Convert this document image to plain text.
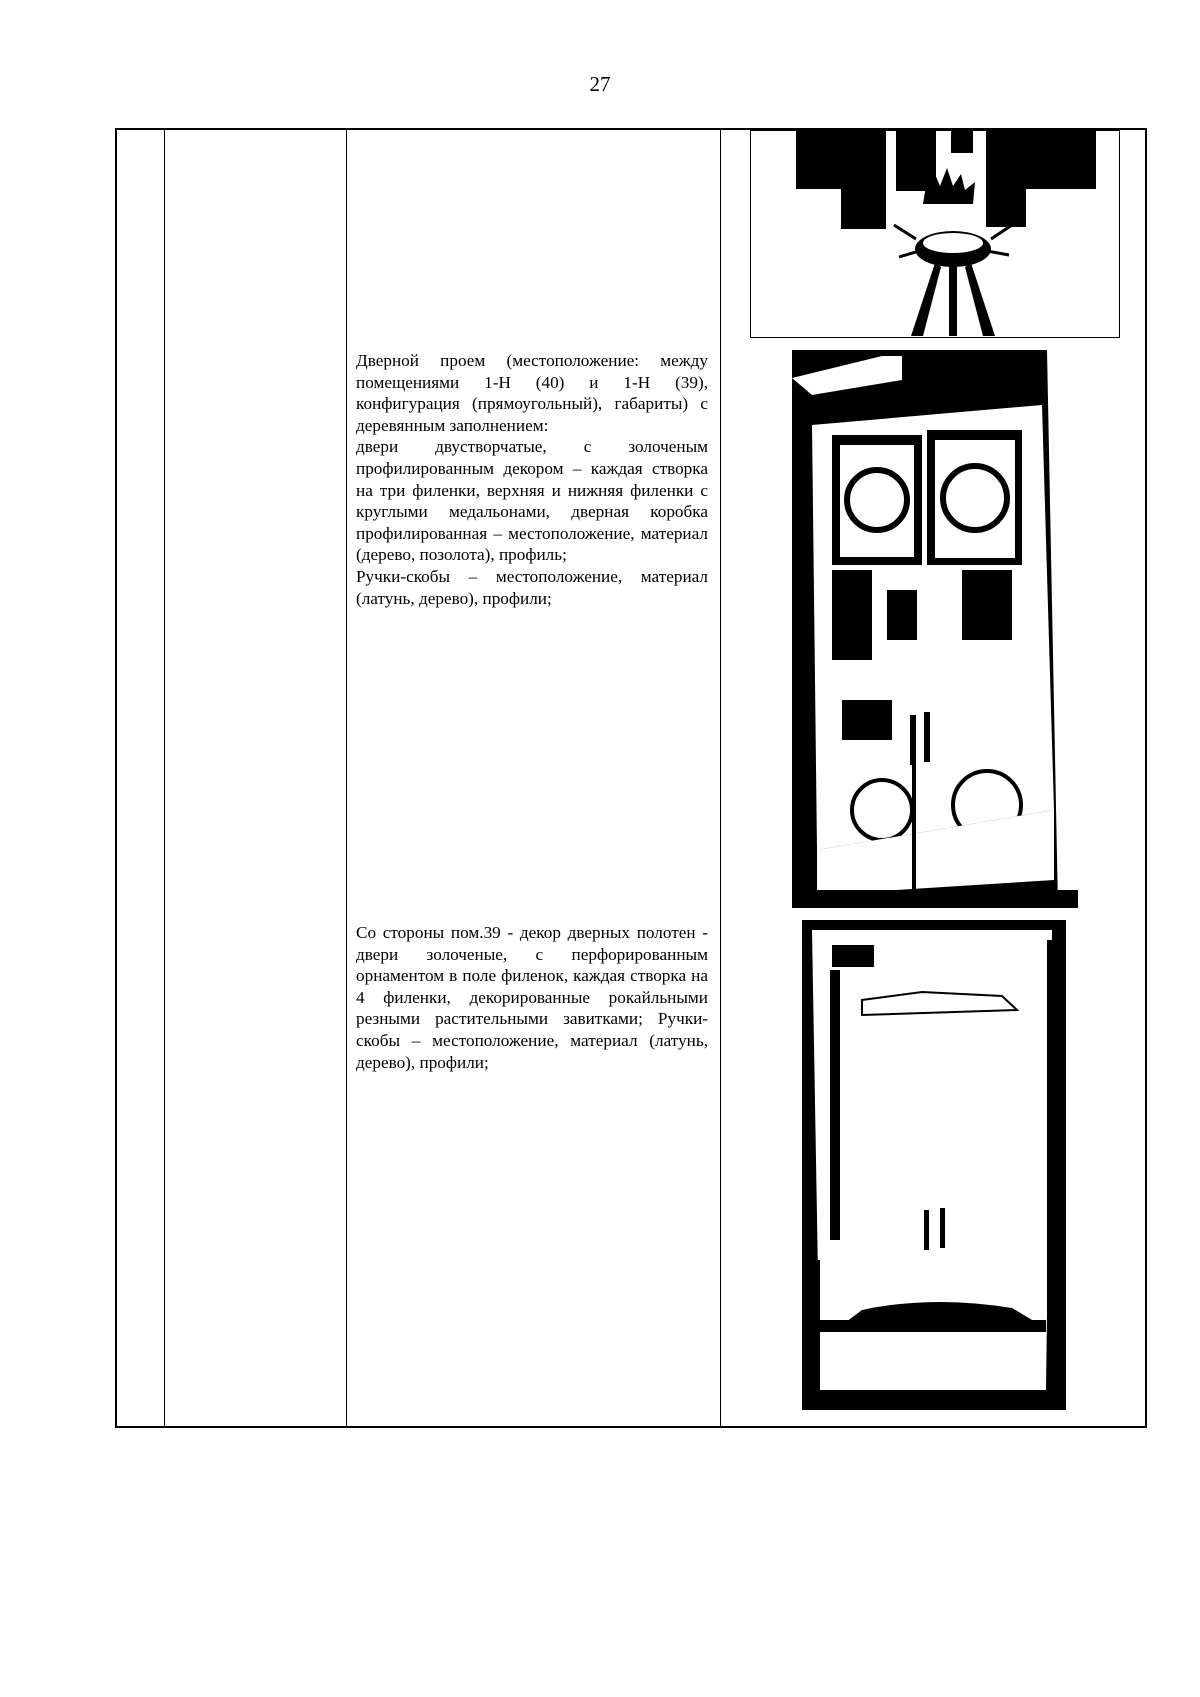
27

Дверной проем (местоположение: между помещениями 1-Н (40) и 1-Н (39), конфигурация (прямоугольный), габариты) с деревянным заполнением:

двери двустворчатые, с золоченым профилированным декором – каждая створка на три филенки, верхняя и нижняя филенки с круглыми медальонами, дверная коробка профилированная – местоположение, материал (дерево, позолота), профиль;

Ручки-скобы – местоположение, материал (латунь, дерево), профили;

Со стороны пом.39 - декор дверных полотен - двери золоченые, с перфорированным орнаментом в поле филенок, каждая створка на 4 филенки, декорированные рокайльными резными растительными завитками; Ручки-скобы – местоположение, материал (латунь, дерево), профили;
